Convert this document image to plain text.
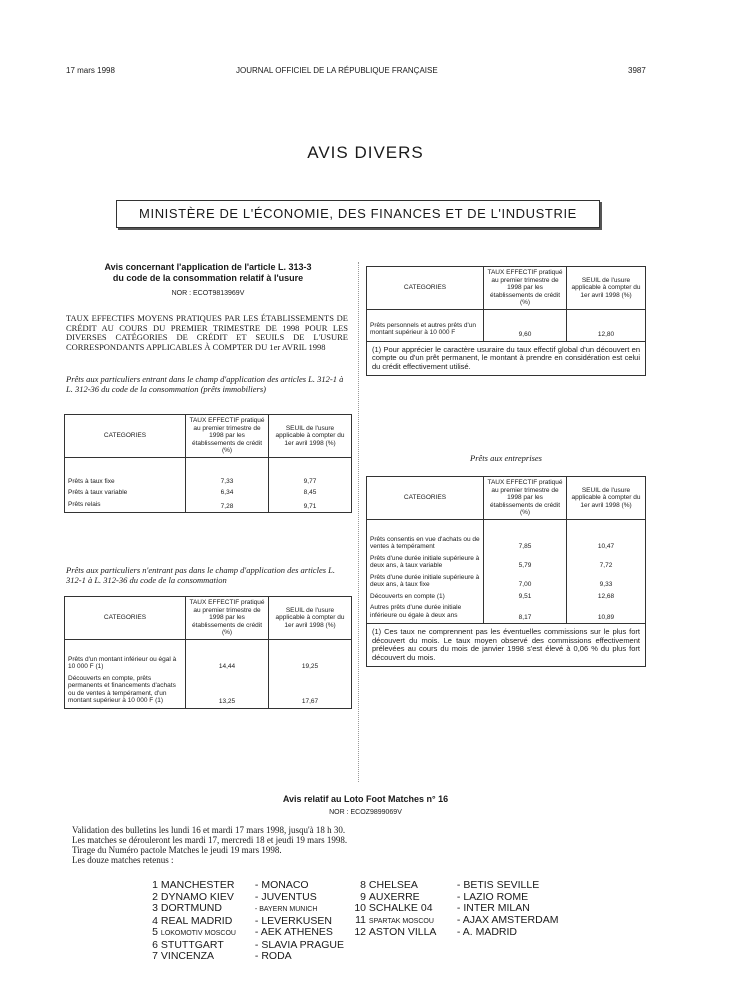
17 mars 1998	JOURNAL OFFICIEL DE LA RÉPUBLIQUE FRANÇAISE	3987
AVIS DIVERS
MINISTÈRE DE L'ÉCONOMIE, DES FINANCES ET DE L'INDUSTRIE
Avis concernant l'application de l'article L. 313-3
du code de la consommation relatif à l'usure
NOR : ECOT9813969V
TAUX EFFECTIFS MOYENS PRATIQUES PAR LES ÉTABLISSEMENTS DE CRÉDIT AU COURS DU PREMIER TRIMESTRE DE 1998 POUR LES DIVERSES CATÉGORIES DE CRÉDIT ET SEUILS DE L'USURE CORRESPONDANTS APPLICABLES À COMPTER DU 1er AVRIL 1998
Prêts aux particuliers entrant dans le champ d'application des articles L. 312-1 à L. 312-36 du code de la consommation (prêts immobiliers)
CATEGORIES	TAUX EFFECTIF pratiqué au premier trimestre de 1998 par les établissements de crédit (%)	SEUIL de l'usure applicable à compter du 1er avril 1998 (%)
Prêts à taux fixe	7,33	9,77
Prêts à taux variable	6,34	8,45
Prêts relais	7,28	9,71
Prêts aux particuliers n'entrant pas dans le champ d'application des articles L. 312-1 à L. 312-36 du code de la consommation
CATEGORIES	TAUX EFFECTIF pratiqué au premier trimestre de 1998 par les établissements de crédit (%)	SEUIL de l'usure applicable à compter du 1er avril 1998 (%)
Prêts d'un montant inférieur ou égal à 10 000 F (1)	14,44	19,25
Découverts en compte, prêts permanents et financements d'achats ou de ventes à tempérament, d'un montant supérieur à 10 000 F (1)	13,25	17,67
CATEGORIES	TAUX EFFECTIF pratiqué au premier trimestre de 1998 par les établissements de crédit (%)	SEUIL de l'usure applicable à compter du 1er avril 1998 (%)
Prêts personnels et autres prêts d'un montant supérieur à 10 000 F	9,60	12,80
(1) Pour apprécier le caractère usuraire du taux effectif global d'un découvert en compte ou d'un prêt permanent, le montant à prendre en considération est celui du crédit effectivement utilisé.		
Prêts aux entreprises
CATEGORIES	TAUX EFFECTIF pratiqué au premier trimestre de 1998 par les établissements de crédit (%)	SEUIL de l'usure applicable à compter du 1er avril 1998 (%)
Prêts consentis en vue d'achats ou de ventes à tempérament	7,85	10,47
Prêts d'une durée initiale supérieure à deux ans, à taux variable	5,79	7,72
Prêts d'une durée initiale supérieure à deux ans, à taux fixe	7,00	9,33
Découverts en compte (1)	9,51	12,68
Autres prêts d'une durée initiale inférieure ou égale à deux ans	8,17	10,89
(1) Ces taux ne comprennent pas les éventuelles commissions sur le plus fort découvert du mois. Le taux moyen observé des commissions effectivement prélevées au cours du mois de janvier 1998 s'est élevé à 0,06 % du plus fort découvert du mois.		
Avis relatif au Loto Foot Matches n° 16
NOR : ECOZ9899069V
Validation des bulletins les lundi 16 et mardi 17 mars 1998, jusqu'à 18 h 30.
Les matches se dérouleront les mardi 17, mercredi 18 et jeudi 19 mars 1998.
Tirage du Numéro pactole Matches le jeudi 19 mars 1998.
Les douze matches retenus :
1 MANCHESTER - MONACO
2 DYNAMO KIEV - JUVENTUS
3 DORTMUND	- BAYERN MUNICH
4 REAL MADRID - LEVERKUSEN
5 LOKOMOTIV MOSCOU - AEK ATHENES
6 STUTTGART	- SLAVIA PRAGUE
7 VINCENZA	- RODA
8 CHELSEA	- BETIS SEVILLE
9 AUXERRE	- LAZIO ROME
10 SCHALKE 04 - INTER MILAN
11 SPARTAK MOSCOU - AJAX AMSTERDAM
12 ASTON VILLA - A. MADRID
